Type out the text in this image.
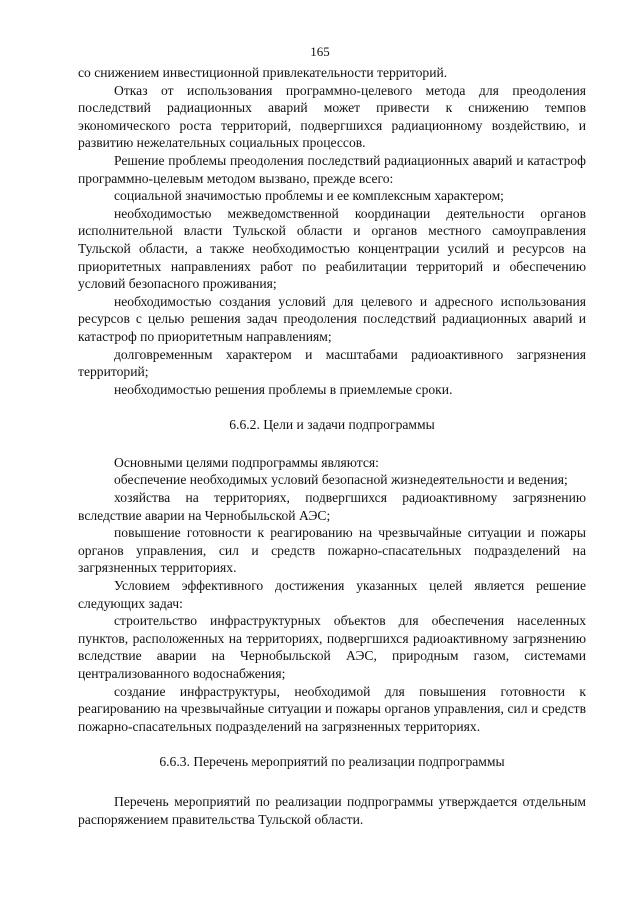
165

со снижением инвестиционной привлекательности территорий.

Отказ от использования программно-целевого метода для преодоления последствий радиационных аварий может привести к снижению темпов экономического роста территорий, подвергшихся радиационному воздействию, и развитию нежелательных социальных процессов.

Решение проблемы преодоления последствий радиационных аварий и катастроф программно-целевым методом вызвано, прежде всего:

социальной значимостью проблемы и ее комплексным характером;

необходимостью межведомственной координации деятельности органов исполнительной власти Тульской области и органов местного самоуправления Тульской области, а также необходимостью концентрации усилий и ресурсов на приоритетных направлениях работ по реабилитации территорий и обеспечению условий безопасного проживания;

необходимостью создания условий для целевого и адресного использования ресурсов с целью решения задач преодоления последствий радиационных аварий и катастроф по приоритетным направлениям;

долговременным характером и масштабами радиоактивного загрязнения территорий;

необходимостью решения проблемы в приемлемые сроки.

6.6.2. Цели и задачи подпрограммы

Основными целями подпрограммы являются:

обеспечение необходимых условий безопасной жизнедеятельности и ведения;

хозяйства на территориях, подвергшихся радиоактивному загрязнению вследствие аварии на Чернобыльской АЭС;

повышение готовности к реагированию на чрезвычайные ситуации и пожары органов управления, сил и средств пожарно-спасательных подразделений на загрязненных территориях.

Условием эффективного достижения указанных целей является решение следующих задач:

строительство инфраструктурных объектов для обеспечения населенных пунктов, расположенных на территориях, подвергшихся радиоактивному загрязнению вследствие аварии на Чернобыльской АЭС, природным газом, системами централизованного водоснабжения;

создание инфраструктуры, необходимой для повышения готовности к реагированию на чрезвычайные ситуации и пожары органов управления, сил и средств пожарно-спасательных подразделений на загрязненных территориях.

6.6.3. Перечень мероприятий по реализации подпрограммы

Перечень мероприятий по реализации подпрограммы утверждается отдельным распоряжением правительства Тульской области.
